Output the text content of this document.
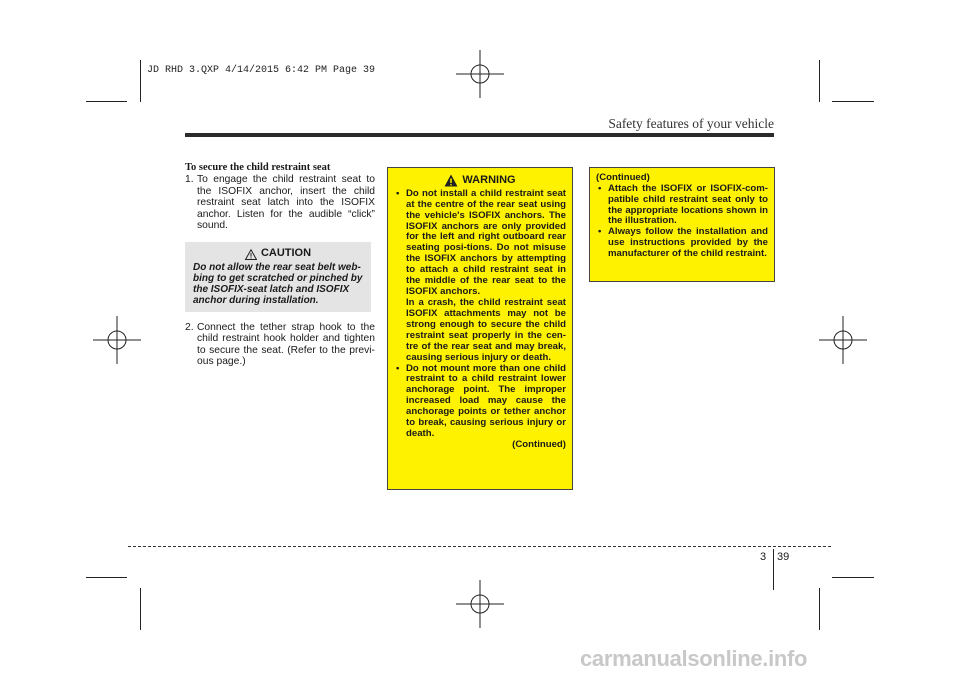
JD RHD 3.QXP 4/14/2015 6:42 PM Page 39
Safety features of your vehicle
To secure the child restraint seat
1. To engage the child restraint seat to the ISOFIX anchor, insert the child restraint seat latch into the ISOFIX anchor. Listen for the audible “click” sound.
CAUTION
Do not allow the rear seat belt web-bing to get scratched or pinched by the ISOFIX-seat latch and ISOFIX anchor during installation.
2. Connect the tether strap hook to the child restraint hook holder and tighten to secure the seat. (Refer to the previ-ous page.)
WARNING
• Do not install a child restraint seat at the centre of the rear seat using the vehicle's ISOFIX anchors. The ISOFIX anchors are only provided for the left and right outboard rear seating posi-tions. Do not misuse the ISOFIX anchors by attempting to attach a child restraint seat in the middle of the rear seat to the ISOFIX anchors.
In a crash, the child restraint seat ISOFIX attachments may not be strong enough to secure the child restraint seat properly in the cen-tre of the rear seat and may break, causing serious injury or death.
• Do not mount more than one child restraint to a child restraint lower anchorage point. The improper increased load may cause the anchorage points or tether anchor to break, causing serious injury or death.
(Continued)
(Continued)
• Attach the ISOFIX or ISOFIX-com-patible child restraint seat only to the appropriate locations shown in the illustration.
• Always follow the installation and use instructions provided by the manufacturer of the child restraint.
3 39
carmanualsonline.info
